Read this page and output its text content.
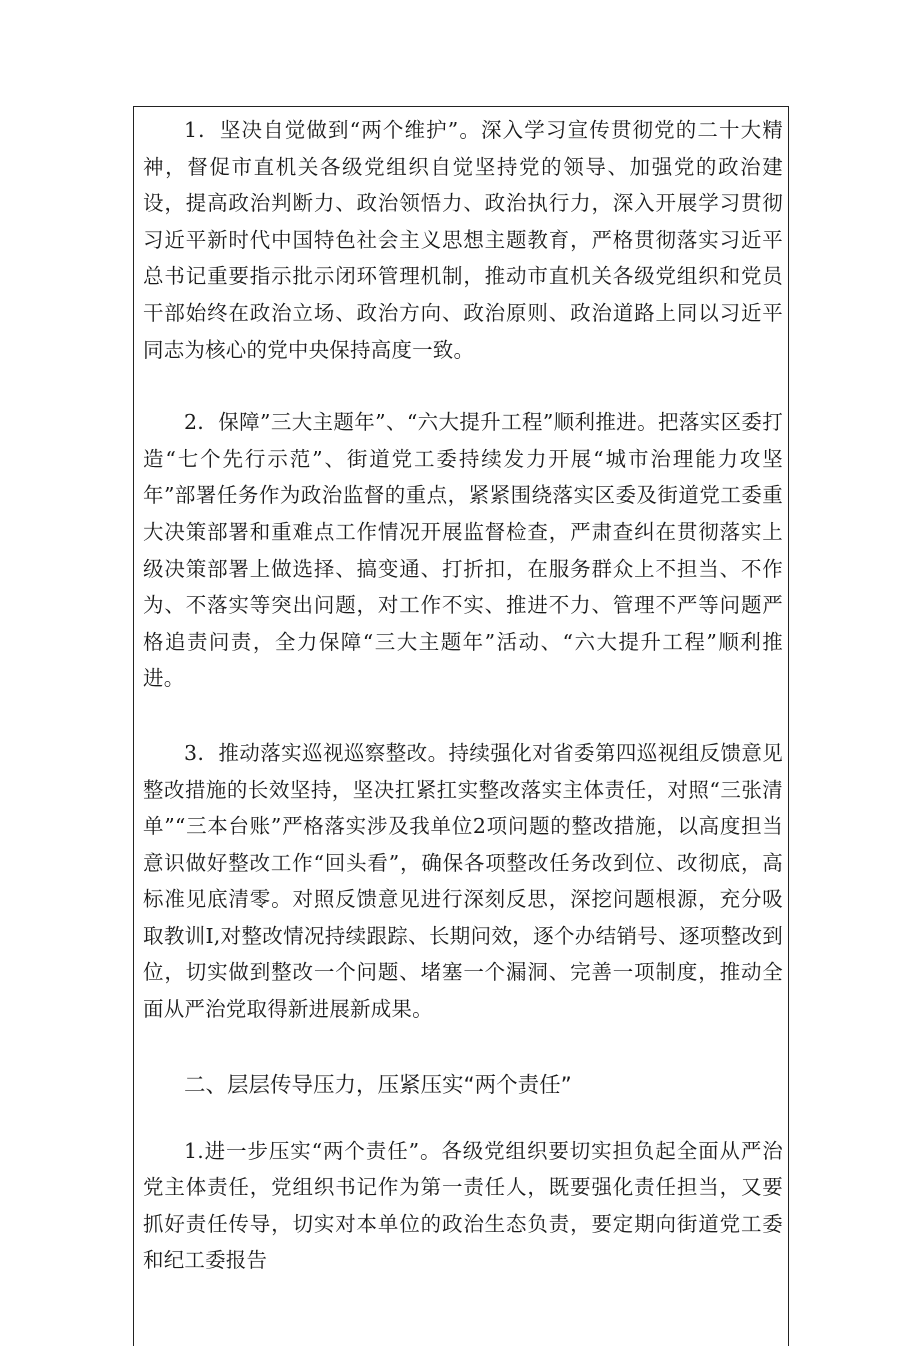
1．坚决自觉做到“两个维护”。深入学习宣传贯彻党的二十大精神，督促市直机关各级党组织自觉坚持党的领导、加强党的政治建设，提高政治判断力、政治领悟力、政治执行力，深入开展学习贯彻习近平新时代中国特色社会主义思想主题教育，严格贯彻落实习近平总书记重要指示批示闭环管理机制，推动市直机关各级党组织和党员干部始终在政治立场、政治方向、政治原则、政治道路上同以习近平同志为核心的党中央保持高度一致。

2．保障”三大主题年”、“六大提升工程”顺利推进。把落实区委打造“七个先行示范”、街道党工委持续发力开展“城市治理能力攻坚年”部署任务作为政治监督的重点，紧紧围绕落实区委及街道党工委重大决策部署和重难点工作情况开展监督检查，严肃查纠在贯彻落实上级决策部署上做选择、搞变通、打折扣，在服务群众上不担当、不作为、不落实等突出问题，对工作不实、推进不力、管理不严等问题严格追责问责，全力保障“三大主题年”活动、“六大提升工程”顺利推进。

3．推动落实巡视巡察整改。持续强化对省委第四巡视组反馈意见整改措施的长效坚持，坚决扛紧扛实整改落实主体责任，对照“三张清单”“三本台账”严格落实涉及我单位2项问题的整改措施，以高度担当意识做好整改工作“回头看”，确保各项整改任务改到位、改彻底，高标准见底清零。对照反馈意见进行深刻反思，深挖问题根源，充分吸取教训I,对整改情况持续跟踪、长期问效，逐个办结销号、逐项整改到位，切实做到整改一个问题、堵塞一个漏洞、完善一项制度，推动全面从严治党取得新进展新成果。

二、层层传导压力，压紧压实“两个责任”

1.进一步压实“两个责任”。各级党组织要切实担负起全面从严治党主体责任，党组织书记作为第一责任人，既要强化责任担当，又要抓好责任传导，切实对本单位的政治生态负责，要定期向街道党工委和纪工委报告
